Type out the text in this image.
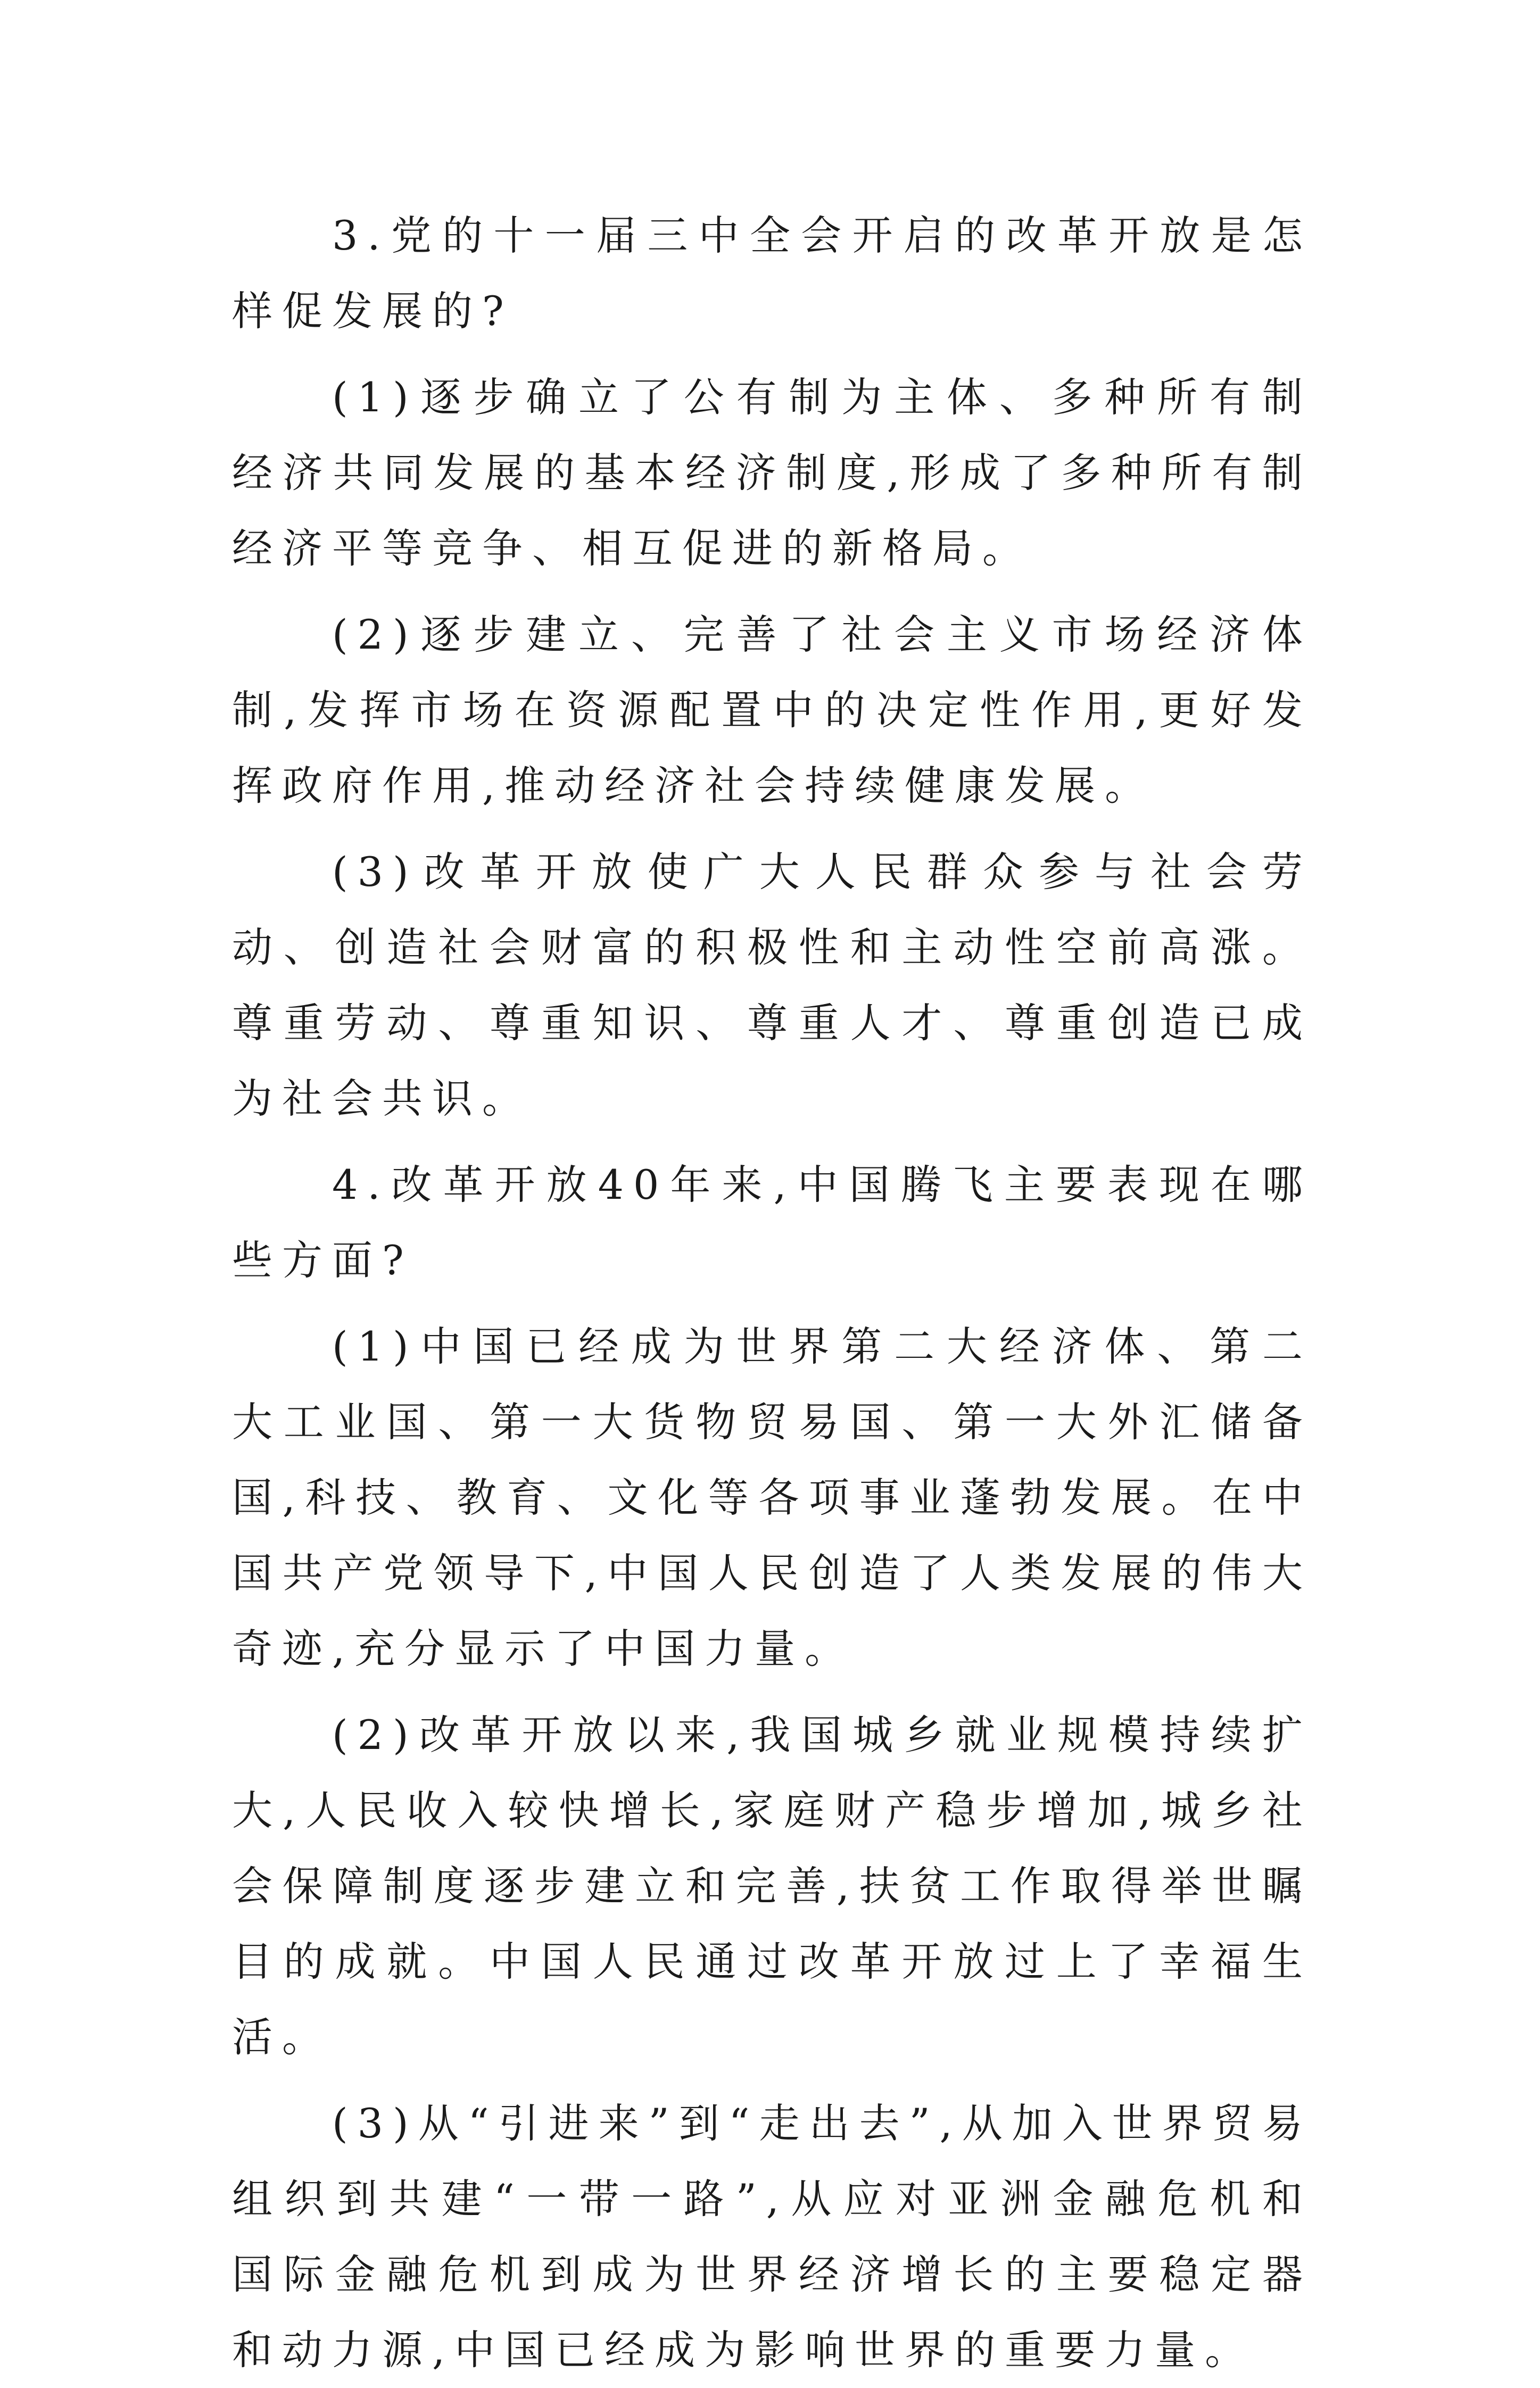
3.党的十一届三中全会开启的改革开放是怎样促发展的?

(1)逐步确立了公有制为主体、多种所有制经济共同发展的基本经济制度,形成了多种所有制经济平等竞争、相互促进的新格局。

(2)逐步建立、完善了社会主义市场经济体制,发挥市场在资源配置中的决定性作用,更好发挥政府作用,推动经济社会持续健康发展。

(3)改革开放使广大人民群众参与社会劳动、创造社会财富的积极性和主动性空前高涨。尊重劳动、尊重知识、尊重人才、尊重创造已成为社会共识。

4.改革开放40年来,中国腾飞主要表现在哪些方面?

(1)中国已经成为世界第二大经济体、第二大工业国、第一大货物贸易国、第一大外汇储备国,科技、教育、文化等各项事业蓬勃发展。在中国共产党领导下,中国人民创造了人类发展的伟大奇迹,充分显示了中国力量。

(2)改革开放以来,我国城乡就业规模持续扩大,人民收入较快增长,家庭财产稳步增加,城乡社会保障制度逐步建立和完善,扶贫工作取得举世瞩目的成就。中国人民通过改革开放过上了幸福生活。

(3)从“引进来”到“走出去”,从加入世界贸易组织到共建“一带一路”,从应对亚洲金融危机和国际金融危机到成为世界经济增长的主要稳定器和动力源,中国已经成为影响世界的重要力量。
